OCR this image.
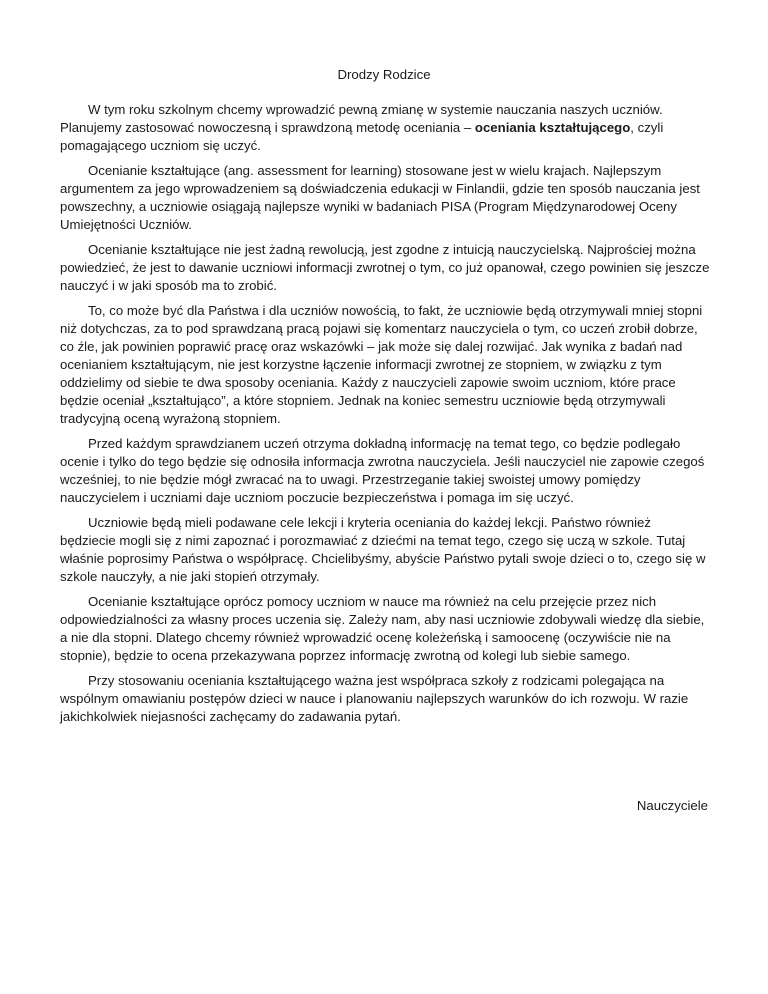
Drodzy Rodzice

W tym roku szkolnym chcemy wprowadzić pewną zmianę w systemie nauczania naszych uczniów. Planujemy zastosować nowoczesną i sprawdzoną metodę oceniania – oceniania kształtującego, czyli pomagającego uczniom się uczyć.

Ocenianie kształtujące (ang. assessment for learning) stosowane jest w wielu krajach. Najlepszym argumentem za jego wprowadzeniem są doświadczenia edukacji w Finlandii, gdzie ten sposób nauczania jest powszechny, a uczniowie osiągają najlepsze wyniki w badaniach PISA (Program Międzynarodowej Oceny Umiejętności Uczniów.

Ocenianie kształtujące nie jest żadną rewolucją, jest zgodne z intuicją nauczycielską. Najprościej można powiedzieć, że jest to dawanie uczniowi informacji zwrotnej o tym, co już opanował, czego powinien się jeszcze nauczyć i w jaki sposób ma to zrobić.

To, co może być dla Państwa i dla uczniów nowością, to fakt, że uczniowie będą otrzymywali mniej stopni niż dotychczas, za to pod sprawdzaną pracą pojawi się komentarz nauczyciela o tym, co uczeń zrobił dobrze, co źle, jak powinien poprawić pracę oraz wskazówki – jak może się dalej rozwijać. Jak wynika z badań nad ocenianiem kształtującym, nie jest korzystne łączenie informacji zwrotnej ze stopniem, w związku z tym oddzielimy od siebie te dwa sposoby oceniania. Każdy z nauczycieli zapowie swoim uczniom, które prace będzie oceniał „kształtująco”, a które stopniem. Jednak na koniec semestru uczniowie będą otrzymywali tradycyjną oceną wyrażoną stopniem.

Przed każdym sprawdzianem uczeń otrzyma dokładną informację na temat tego, co będzie podlegało ocenie i tylko do tego będzie się odnosiła informacja zwrotna nauczyciela. Jeśli nauczyciel nie zapowie czegoś wcześniej, to nie będzie mógł zwracać na to uwagi. Przestrzeganie takiej swoistej umowy pomiędzy nauczycielem i uczniami daje uczniom poczucie bezpieczeństwa i pomaga im się uczyć.

Uczniowie będą mieli podawane cele lekcji i kryteria oceniania do każdej lekcji. Państwo również będziecie mogli się z nimi zapoznać i porozmawiać z dziećmi na temat tego, czego się uczą w szkole. Tutaj właśnie poprosimy Państwa o współpracę. Chcielibyśmy, abyście Państwo pytali swoje dzieci o to, czego się w szkole nauczyły, a nie jaki stopień otrzymały.

Ocenianie kształtujące oprócz pomocy uczniom w nauce ma również na celu przejęcie przez nich odpowiedzialności za własny proces uczenia się. Zależy nam, aby nasi uczniowie zdobywali wiedzę dla siebie, a nie dla stopni. Dlatego chcemy również wprowadzić ocenę koleżeńską i samoocenę (oczywiście nie na stopnie), będzie to ocena przekazywana poprzez informację zwrotną od kolegi lub siebie samego.

Przy stosowaniu oceniania kształtującego ważna jest współpraca szkoły z rodzicami polegająca na wspólnym omawianiu postępów dzieci w nauce i planowaniu najlepszych warunków do ich rozwoju. W razie jakichkolwiek niejasności zachęcamy do zadawania pytań.

Nauczyciele
